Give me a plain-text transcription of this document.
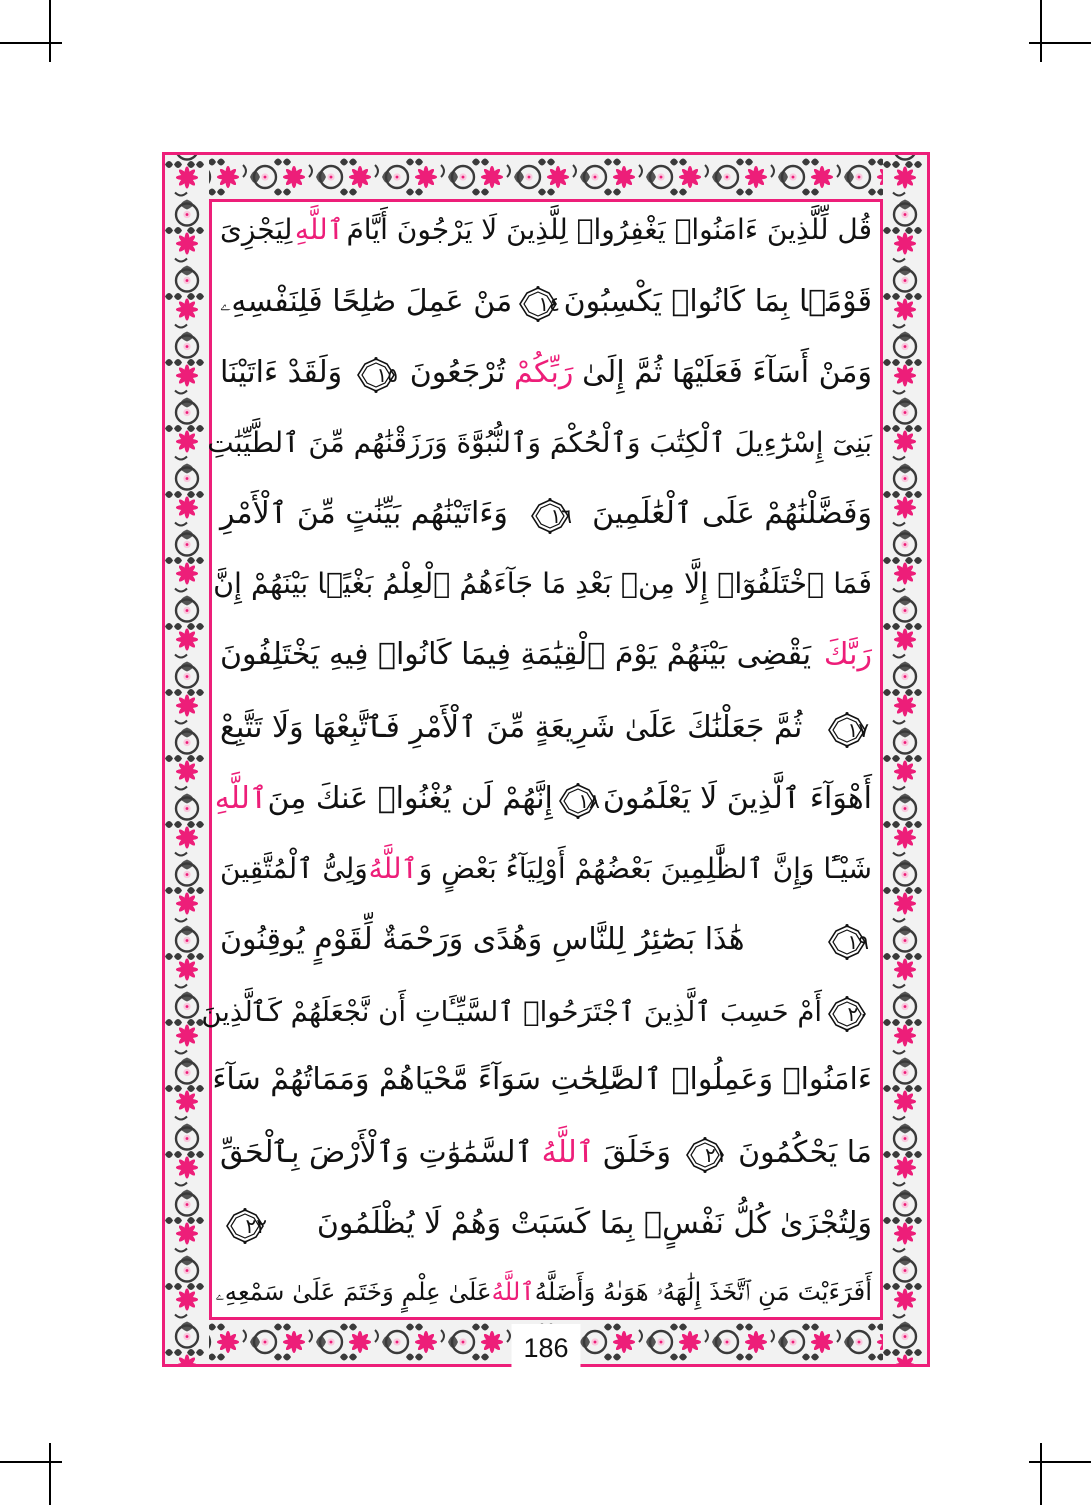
قُل لِّلَّذِينَ ءَامَنُوا۟ يَغْفِرُوا۟ لِلَّذِينَ لَا يَرْجُونَ أَيَّامَ
ٱللَّهِ
لِيَجْزِىَ
قَوْمًۢا بِمَا كَانُوا۟ يَكْسِبُونَ
١٤
مَنْ عَمِلَ صَٰلِحًا فَلِنَفْسِهِۦ
وَمَنْ أَسَآءَ فَعَلَيْهَا ثُمَّ إِلَىٰ
رَبِّكُمْ
تُرْجَعُونَ
١٥
وَلَقَدْ ءَاتَيْنَا
بَنِىٓ إِسْرَٰٓءِيلَ ٱلْكِتَٰبَ وَٱلْحُكْمَ وَٱلنُّبُوَّةَ وَرَزَقْنَٰهُم مِّنَ ٱلطَّيِّبَٰتِ
وَفَضَّلْنَٰهُمْ عَلَى ٱلْعَٰلَمِينَ
١٦
وَءَاتَيْنَٰهُم بَيِّنَٰتٍ مِّنَ ٱلْأَمْرِ
فَمَا ٱخْتَلَفُوٓا۟ إِلَّا مِنۢ بَعْدِ مَا جَآءَهُمُ ٱلْعِلْمُ بَغْيًۢا بَيْنَهُمْ إِنَّ
رَبَّكَ
يَقْضِى بَيْنَهُمْ يَوْمَ ٱلْقِيَٰمَةِ فِيمَا كَانُوا۟ فِيهِ يَخْتَلِفُونَ
١٧
ثُمَّ جَعَلْنَٰكَ عَلَىٰ شَرِيعَةٍ مِّنَ ٱلْأَمْرِ فَٱتَّبِعْهَا وَلَا تَتَّبِعْ
أَهْوَآءَ ٱلَّذِينَ لَا يَعْلَمُونَ
١٨
إِنَّهُمْ لَن يُغْنُوا۟ عَنكَ مِنَ
ٱللَّهِ
شَيْـًٔا وَإِنَّ ٱلظَّٰلِمِينَ بَعْضُهُمْ أَوْلِيَآءُ بَعْضٍ وَ
ٱللَّهُ
وَلِىُّ ٱلْمُتَّقِينَ
١٩
هَٰذَا بَصَٰٓئِرُ لِلنَّاسِ وَهُدًى وَرَحْمَةٌ لِّقَوْمٍ يُوقِنُونَ
٢٠
أَمْ حَسِبَ ٱلَّذِينَ ٱجْتَرَحُوا۟ ٱلسَّيِّـَٔاتِ أَن نَّجْعَلَهُمْ كَٱلَّذِينَ
ءَامَنُوا۟ وَعَمِلُوا۟ ٱلصَّٰلِحَٰتِ سَوَآءً مَّحْيَاهُمْ وَمَمَاتُهُمْ سَآءَ
مَا يَحْكُمُونَ
٢١
وَخَلَقَ
ٱللَّهُ
ٱلسَّمَٰوَٰتِ وَٱلْأَرْضَ بِٱلْحَقِّ
وَلِتُجْزَىٰ كُلُّ نَفْسٍۭ بِمَا كَسَبَتْ وَهُمْ لَا يُظْلَمُونَ
٢٢
أَفَرَءَيْتَ مَنِ ٱتَّخَذَ إِلَٰهَهُۥ هَوَىٰهُ وَأَضَلَّهُ
ٱللَّهُ
عَلَىٰ عِلْمٍ وَخَتَمَ عَلَىٰ سَمْعِهِۦ
186
